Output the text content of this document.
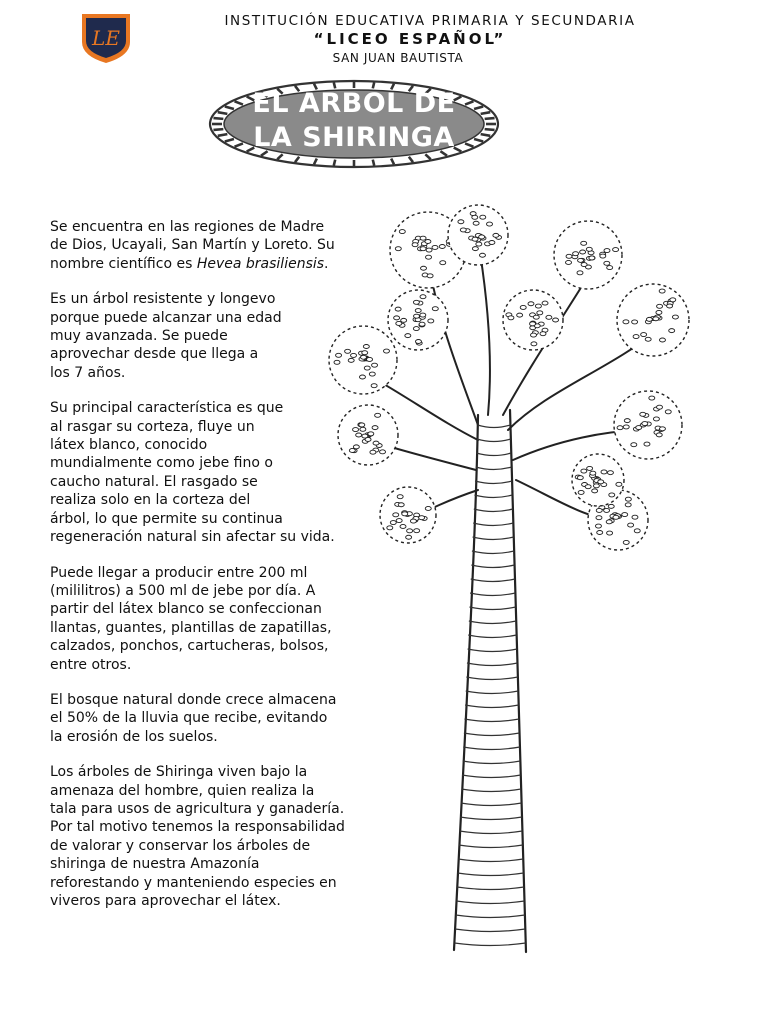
LE
INSTITUCIÓN EDUCATIVA PRIMARIA Y SECUNDARIA
“LICEO ESPAÑOL”
SAN JUAN BAUTISTA
EL ÁRBOL DE
LA SHIRINGA

Se encuentra en las regiones de Madre
de Dios, Ucayali, San Martín y Loreto. Su
nombre científico es Hevea brasiliensis.

Es un árbol resistente y longevo
porque puede alcanzar una edad
muy avanzada. Se puede
aprovechar desde que llega a
los 7 años.

Su principal característica es que
al rasgar su corteza, fluye un
látex blanco, conocido
mundialmente como jebe fino o
caucho natural. El rasgado se
realiza solo en la corteza del
árbol, lo que permite su continua
regeneración natural sin afectar su vida.

Puede llegar a producir entre 200 ml
(mililitros) a 500 ml de jebe por día. A
partir del látex blanco se confeccionan
llantas, guantes, plantillas de zapatillas,
calzados, ponchos, cartucheras, bolsos,
entre otros.

El bosque natural donde crece almacena
el 50% de la lluvia que recibe, evitando
la erosión de los suelos.

Los árboles de Shiringa viven bajo la
amenaza del hombre, quien realiza la
tala para usos de agricultura y ganadería.
Por tal motivo tenemos la responsabilidad
de valorar y conservar los árboles de
shiringa de nuestra Amazonía
reforestando y manteniendo especies en
viveros para aprovechar el látex.
